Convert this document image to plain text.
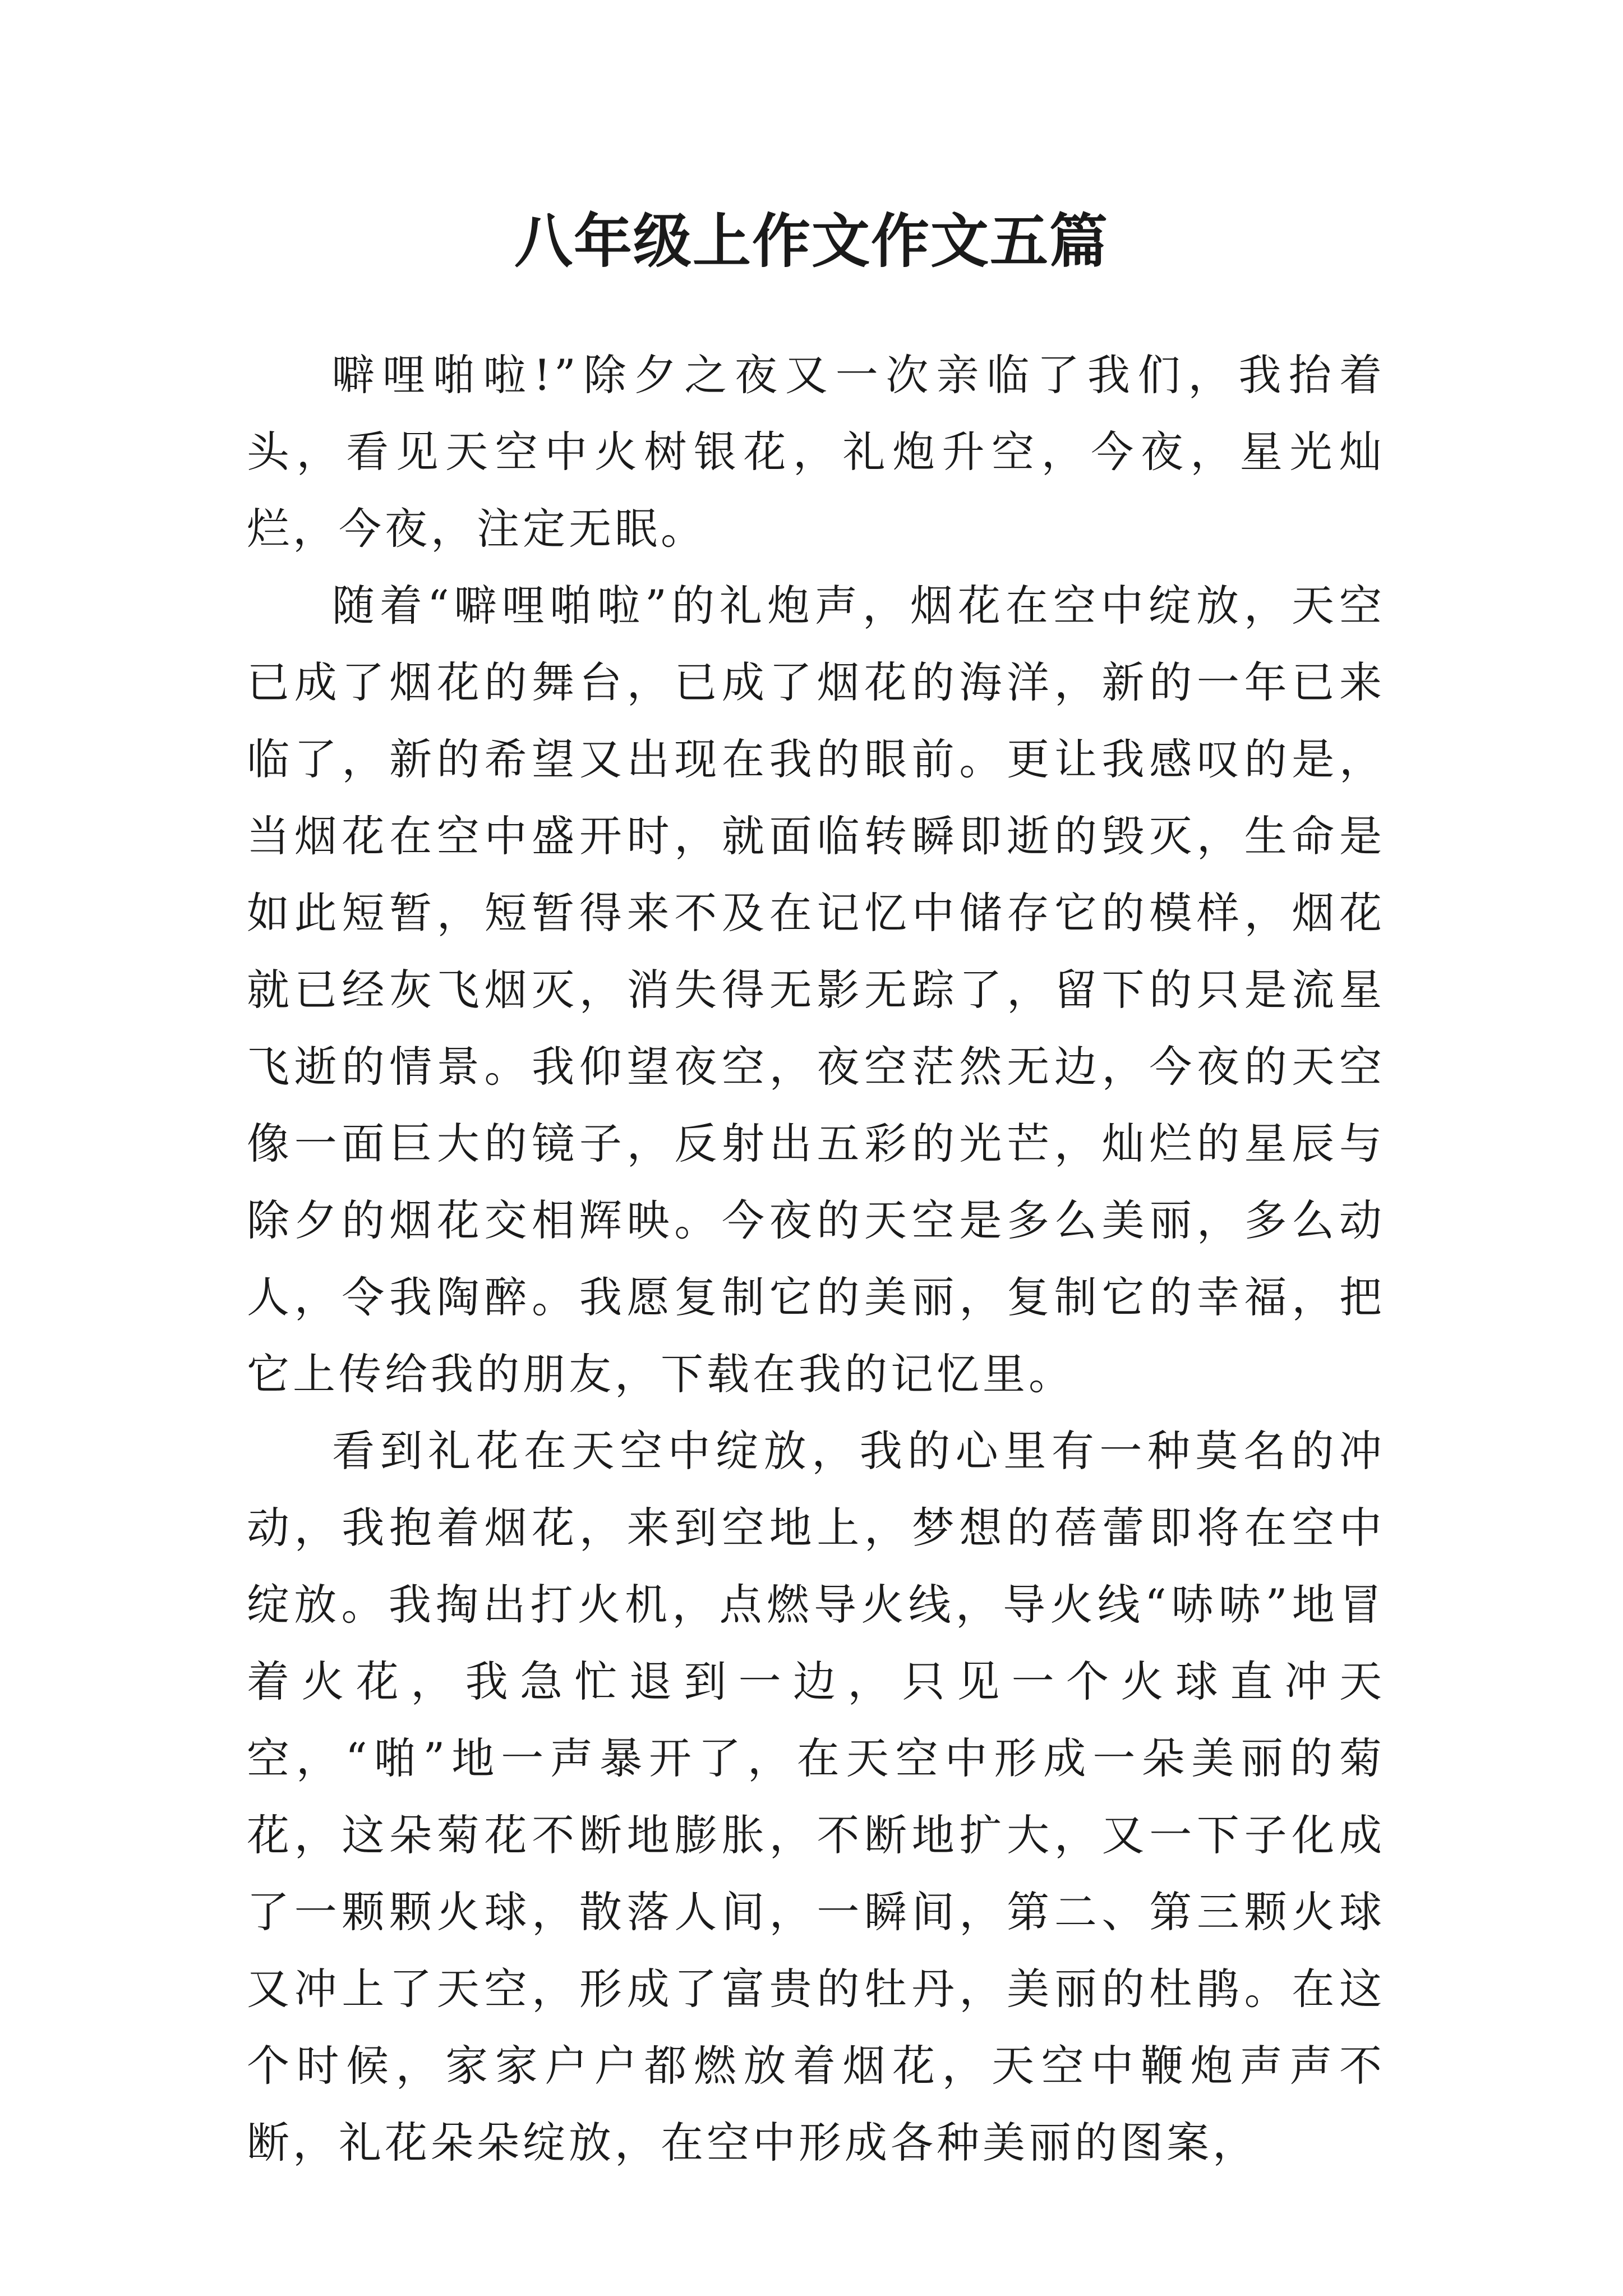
八年级上作文作文五篇

噼哩啪啦!”除夕之夜又一次亲临了我们，我抬着头，看见天空中火树银花，礼炮升空，今夜，星光灿烂，今夜，注定无眠。

随着“噼哩啪啦”的礼炮声，烟花在空中绽放，天空已成了烟花的舞台，已成了烟花的海洋，新的一年已来临了，新的希望又出现在我的眼前。更让我感叹的是，当烟花在空中盛开时，就面临转瞬即逝的毁灭，生命是如此短暂，短暂得来不及在记忆中储存它的模样，烟花就已经灰飞烟灭，消失得无影无踪了，留下的只是流星飞逝的情景。我仰望夜空，夜空茫然无边，今夜的天空像一面巨大的镜子，反射出五彩的光芒，灿烂的星辰与除夕的烟花交相辉映。今夜的天空是多么美丽，多么动人，令我陶醉。我愿复制它的美丽，复制它的幸福，把它上传给我的朋友，下载在我的记忆里。

看到礼花在天空中绽放，我的心里有一种莫名的冲动，我抱着烟花，来到空地上，梦想的蓓蕾即将在空中绽放。我掏出打火机，点燃导火线，导火线“哧哧”地冒着火花，我急忙退到一边，只见一个火球直冲天空，“啪”地一声暴开了，在天空中形成一朵美丽的菊花，这朵菊花不断地膨胀，不断地扩大，又一下子化成了一颗颗火球，散落人间，一瞬间，第二、第三颗火球又冲上了天空，形成了富贵的牡丹，美丽的杜鹃。在这个时候，家家户户都燃放着烟花，天空中鞭炮声声不断，礼花朵朵绽放，在空中形成各种美丽的图案，
